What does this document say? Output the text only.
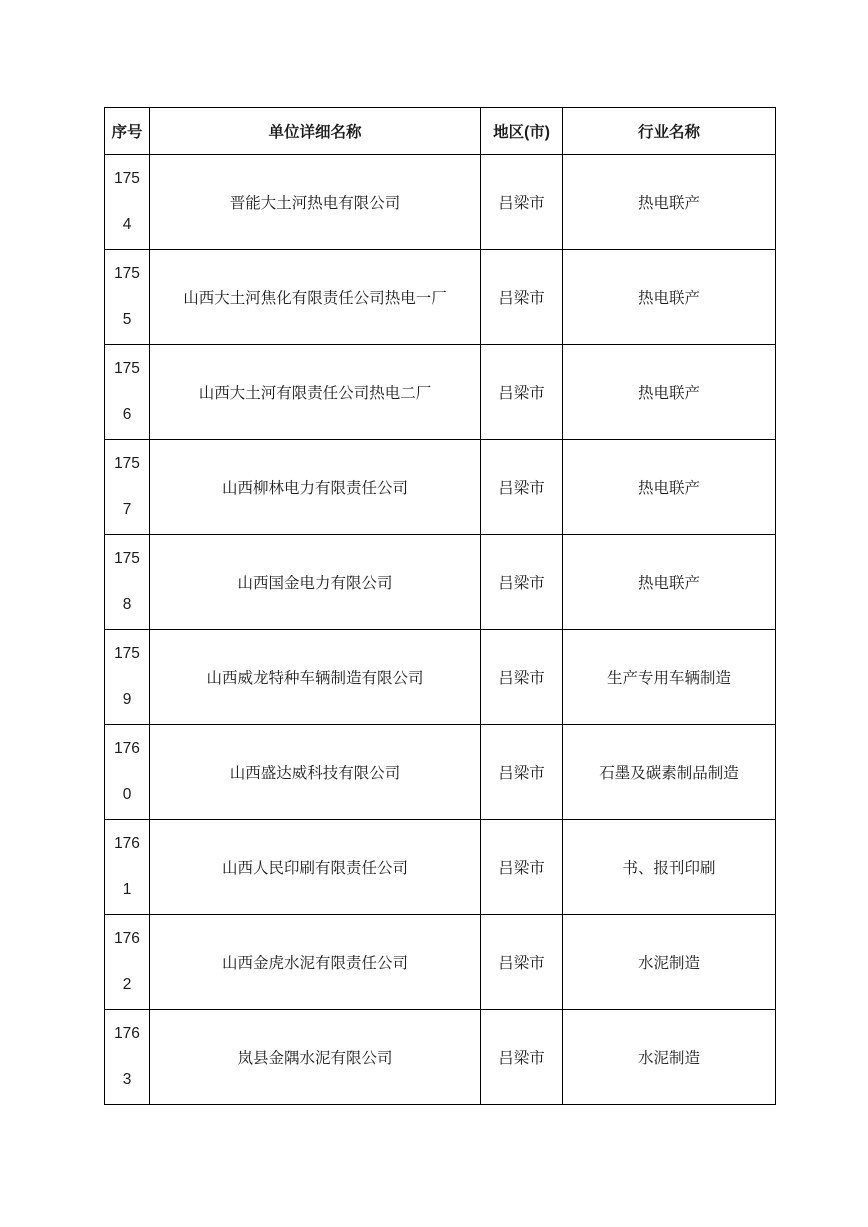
序号	单位详细名称	地区(市)	行业名称

175
4	晋能大土河热电有限公司	吕梁市	热电联产

175
5	山西大土河焦化有限责任公司热电一厂	吕梁市	热电联产

175
6	山西大土河有限责任公司热电二厂	吕梁市	热电联产

175
7	山西柳林电力有限责任公司	吕梁市	热电联产

175
8	山西国金电力有限公司	吕梁市	热电联产

175
9	山西威龙特种车辆制造有限公司	吕梁市	生产专用车辆制造

176
0	山西盛达威科技有限公司	吕梁市	石墨及碳素制品制造

176
1	山西人民印刷有限责任公司	吕梁市	书、报刊印刷

176
2	山西金虎水泥有限责任公司	吕梁市	水泥制造

176
3	岚县金隅水泥有限公司	吕梁市	水泥制造
